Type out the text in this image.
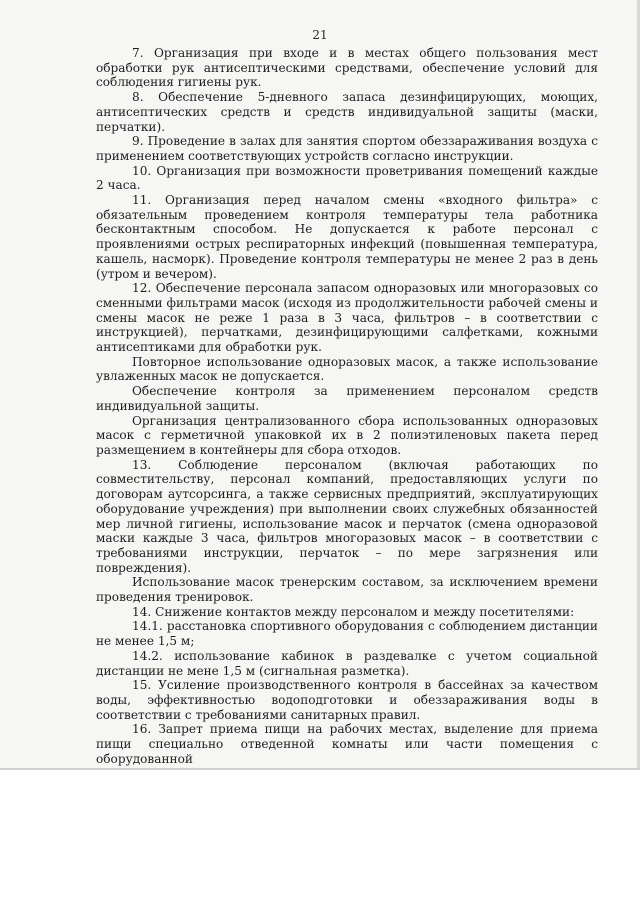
21

7. Организация при входе и в местах общего пользования мест обработки рук антисептическими средствами, обеспечение условий для соблюдения гигиены рук.

8. Обеспечение 5-дневного запаса дезинфицирующих, моющих, антисептических средств и средств индивидуальной защиты (маски, перчатки).

9. Проведение в залах для занятия спортом обеззараживания воздуха с применением соответствующих устройств согласно инструкции.

10. Организация при возможности проветривания помещений каждые 2 часа.

11. Организация перед началом смены «входного фильтра» с обязательным проведением контроля температуры тела работника бесконтактным способом. Не допускается к работе персонал с проявлениями острых респираторных инфекций (повышенная температура, кашель, насморк). Проведение контроля температуры не менее 2 раз в день (утром и вечером).

12. Обеспечение персонала запасом одноразовых или многоразовых со сменными фильтрами масок (исходя из продолжительности рабочей смены и смены масок не реже 1 раза в 3 часа, фильтров – в соответствии с инструкцией), перчатками, дезинфицирующими салфетками, кожными антисептиками для обработки рук.

Повторное использование одноразовых масок, а также использование увлаженных масок не допускается.

Обеспечение контроля за применением персоналом средств индивидуальной защиты.

Организация централизованного сбора использованных одноразовых масок с герметичной упаковкой их в 2 полиэтиленовых пакета перед размещением в контейнеры для сбора отходов.

13. Соблюдение персоналом (включая работающих по совместительству, персонал компаний, предоставляющих услуги по договорам аутсорсинга, а также сервисных предприятий, эксплуатирующих оборудование учреждения) при выполнении своих служебных обязанностей мер личной гигиены, использование масок и перчаток (смена одноразовой маски каждые 3 часа, фильтров многоразовых масок – в соответствии с требованиями инструкции, перчаток – по мере загрязнения или повреждения).

Использование масок тренерским составом, за исключением времени проведения тренировок.

14. Снижение контактов между персоналом и между посетителями:

14.1. расстановка спортивного оборудования с соблюдением дистанции не менее 1,5 м;

14.2. использование кабинок в раздевалке с учетом социальной дистанции не мене 1,5 м (сигнальная разметка).

15. Усиление производственного контроля в бассейнах за качеством воды, эффективностью водоподготовки и обеззараживания воды в соответствии с требованиями санитарных правил.

16. Запрет приема пищи на рабочих местах, выделение для приема пищи специально отведенной комнаты или части помещения с оборудованной
